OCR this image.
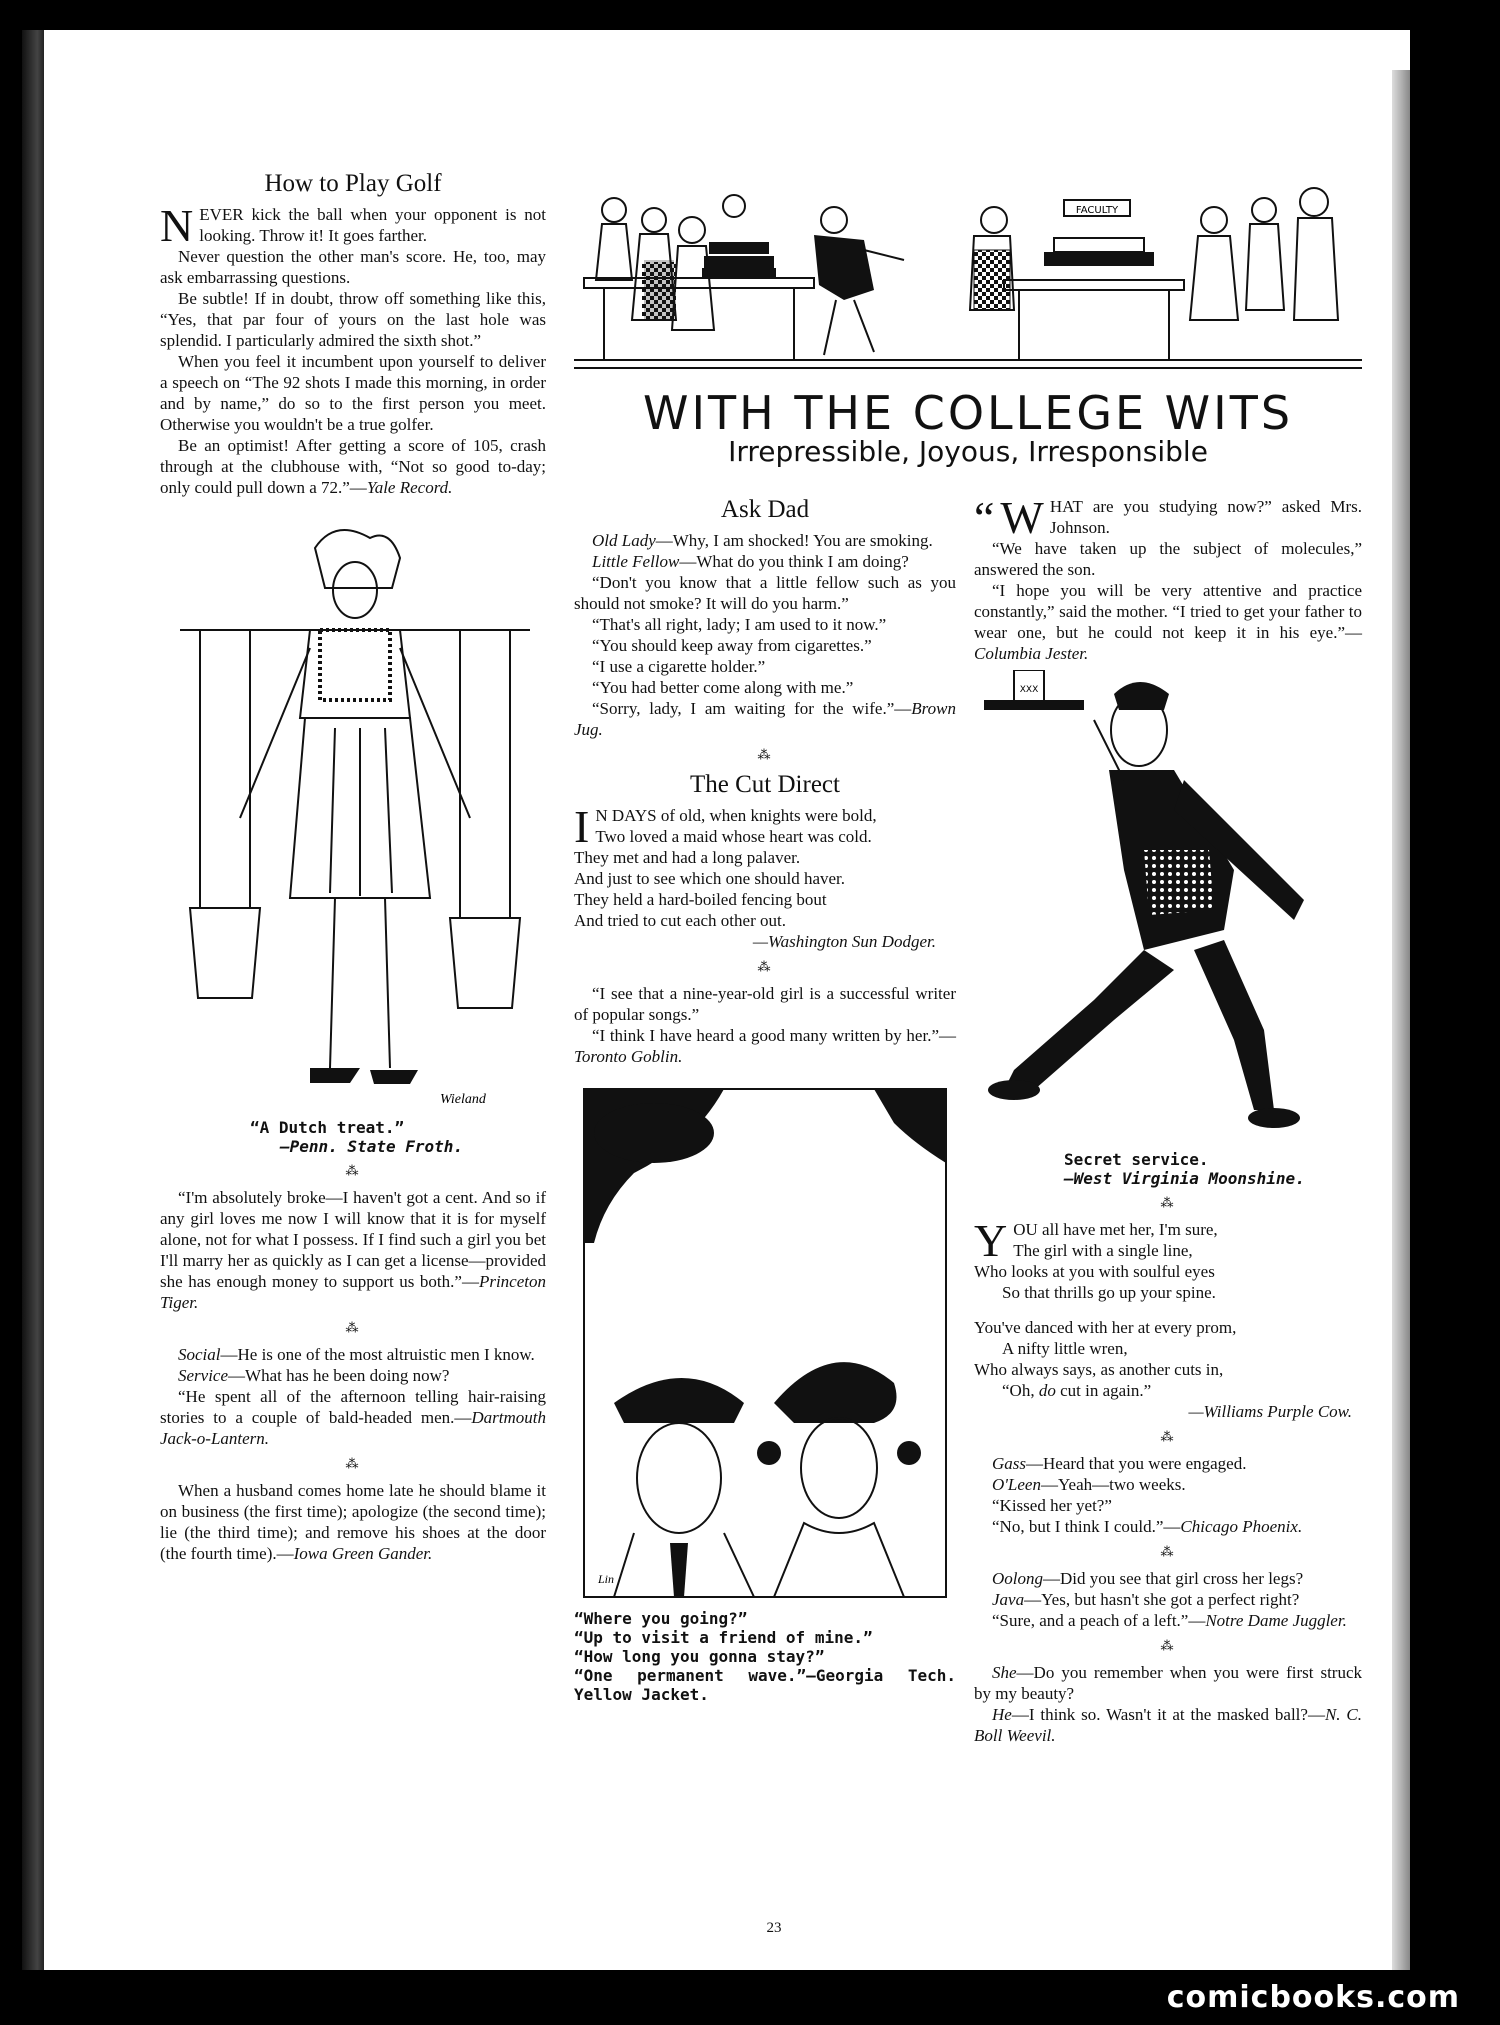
FACULTY
PROF
WITH THE COLLEGE WITS
Irrepressible, Joyous, Irresponsible
How to Play Golf

NEVER kick the ball when your opponent is not looking. Throw it! It goes farther.

Never question the other man's score. He, too, may ask embarrassing questions.

Be subtle! If in doubt, throw off something like this, “Yes, that par four of yours on the last hole was splendid. I particularly admired the sixth shot.”

When you feel it incumbent upon yourself to deliver a speech on “The 92 shots I made this morning, in order and by name,” do so to the first person you meet. Otherwise you wouldn't be a true golfer.

Be an optimist! After getting a score of 105, crash through at the clubhouse with, “Not so good to-day; only could pull down a 72.”—Yale Record.

Wieland
“A Dutch treat.”
—Penn. State Froth.
⁂

“I'm absolutely broke—I haven't got a cent. And so if any girl loves me now I will know that it is for myself alone, not for what I possess. If I find such a girl you bet I'll marry her as quickly as I can get a license—provided she has enough money to support us both.”—Princeton Tiger.

⁂

Social—He is one of the most altruistic men I know.

Service—What has he been doing now?

“He spent all of the afternoon telling hair-raising stories to a couple of bald-headed men.—Dartmouth Jack-o-Lantern.

⁂

When a husband comes home late he should blame it on business (the first time); apologize (the second time); lie (the third time); and remove his shoes at the door (the fourth time).—Iowa Green Gander.

Ask Dad

Old Lady—Why, I am shocked! You are smoking.

Little Fellow—What do you think I am doing?

“Don't you know that a little fellow such as you should not smoke? It will do you harm.”

“That's all right, lady; I am used to it now.”

“You should keep away from cigarettes.”

“I use a cigarette holder.”

“You had better come along with me.”

“Sorry, lady, I am waiting for the wife.”—Brown Jug.

⁂
The Cut Direct

I N DAYS of old, when knights were bold,

Two loved a maid whose heart was cold.

They met and had a long palaver.

And just to see which one should haver.

They held a hard-boiled fencing bout

And tried to cut each other out.

—Washington Sun Dodger.

⁂

“I see that a nine-year-old girl is a successful writer of popular songs.”

“I think I have heard a good many written by her.”—Toronto Goblin.

Lin
“Where you going?”
“Up to visit a friend of mine.”
“How long you gonna stay?”
“One permanent wave.”—Georgia Tech. Yellow Jacket.

“ W HAT are you studying now?” asked Mrs. Johnson.

“We have taken up the subject of molecules,” answered the son.

“I hope you will be very attentive and practice constantly,” said the mother. “I tried to get your father to wear one, but he could not keep it in his eye.”—Columbia Jester.

XXX
Secret service.
—West Virginia Moonshine.
⁂

YOU all have met her, I'm sure,

The girl with a single line,

Who looks at you with soulful eyes

So that thrills go up your spine.

You've danced with her at every prom,

A nifty little wren,

Who always says, as another cuts in,

“Oh, do cut in again.”

—Williams Purple Cow.

⁂

Gass—Heard that you were engaged.

O'Leen—Yeah—two weeks.

“Kissed her yet?”

“No, but I think I could.”—Chicago Phoenix.

⁂

Oolong—Did you see that girl cross her legs?

Java—Yes, but hasn't she got a perfect right?

“Sure, and a peach of a left.”—Notre Dame Juggler.

⁂

She—Do you remember when you were first struck by my beauty?

He—I think so. Wasn't it at the masked ball?—N. C. Boll Weevil.

23
comicbooks.com
